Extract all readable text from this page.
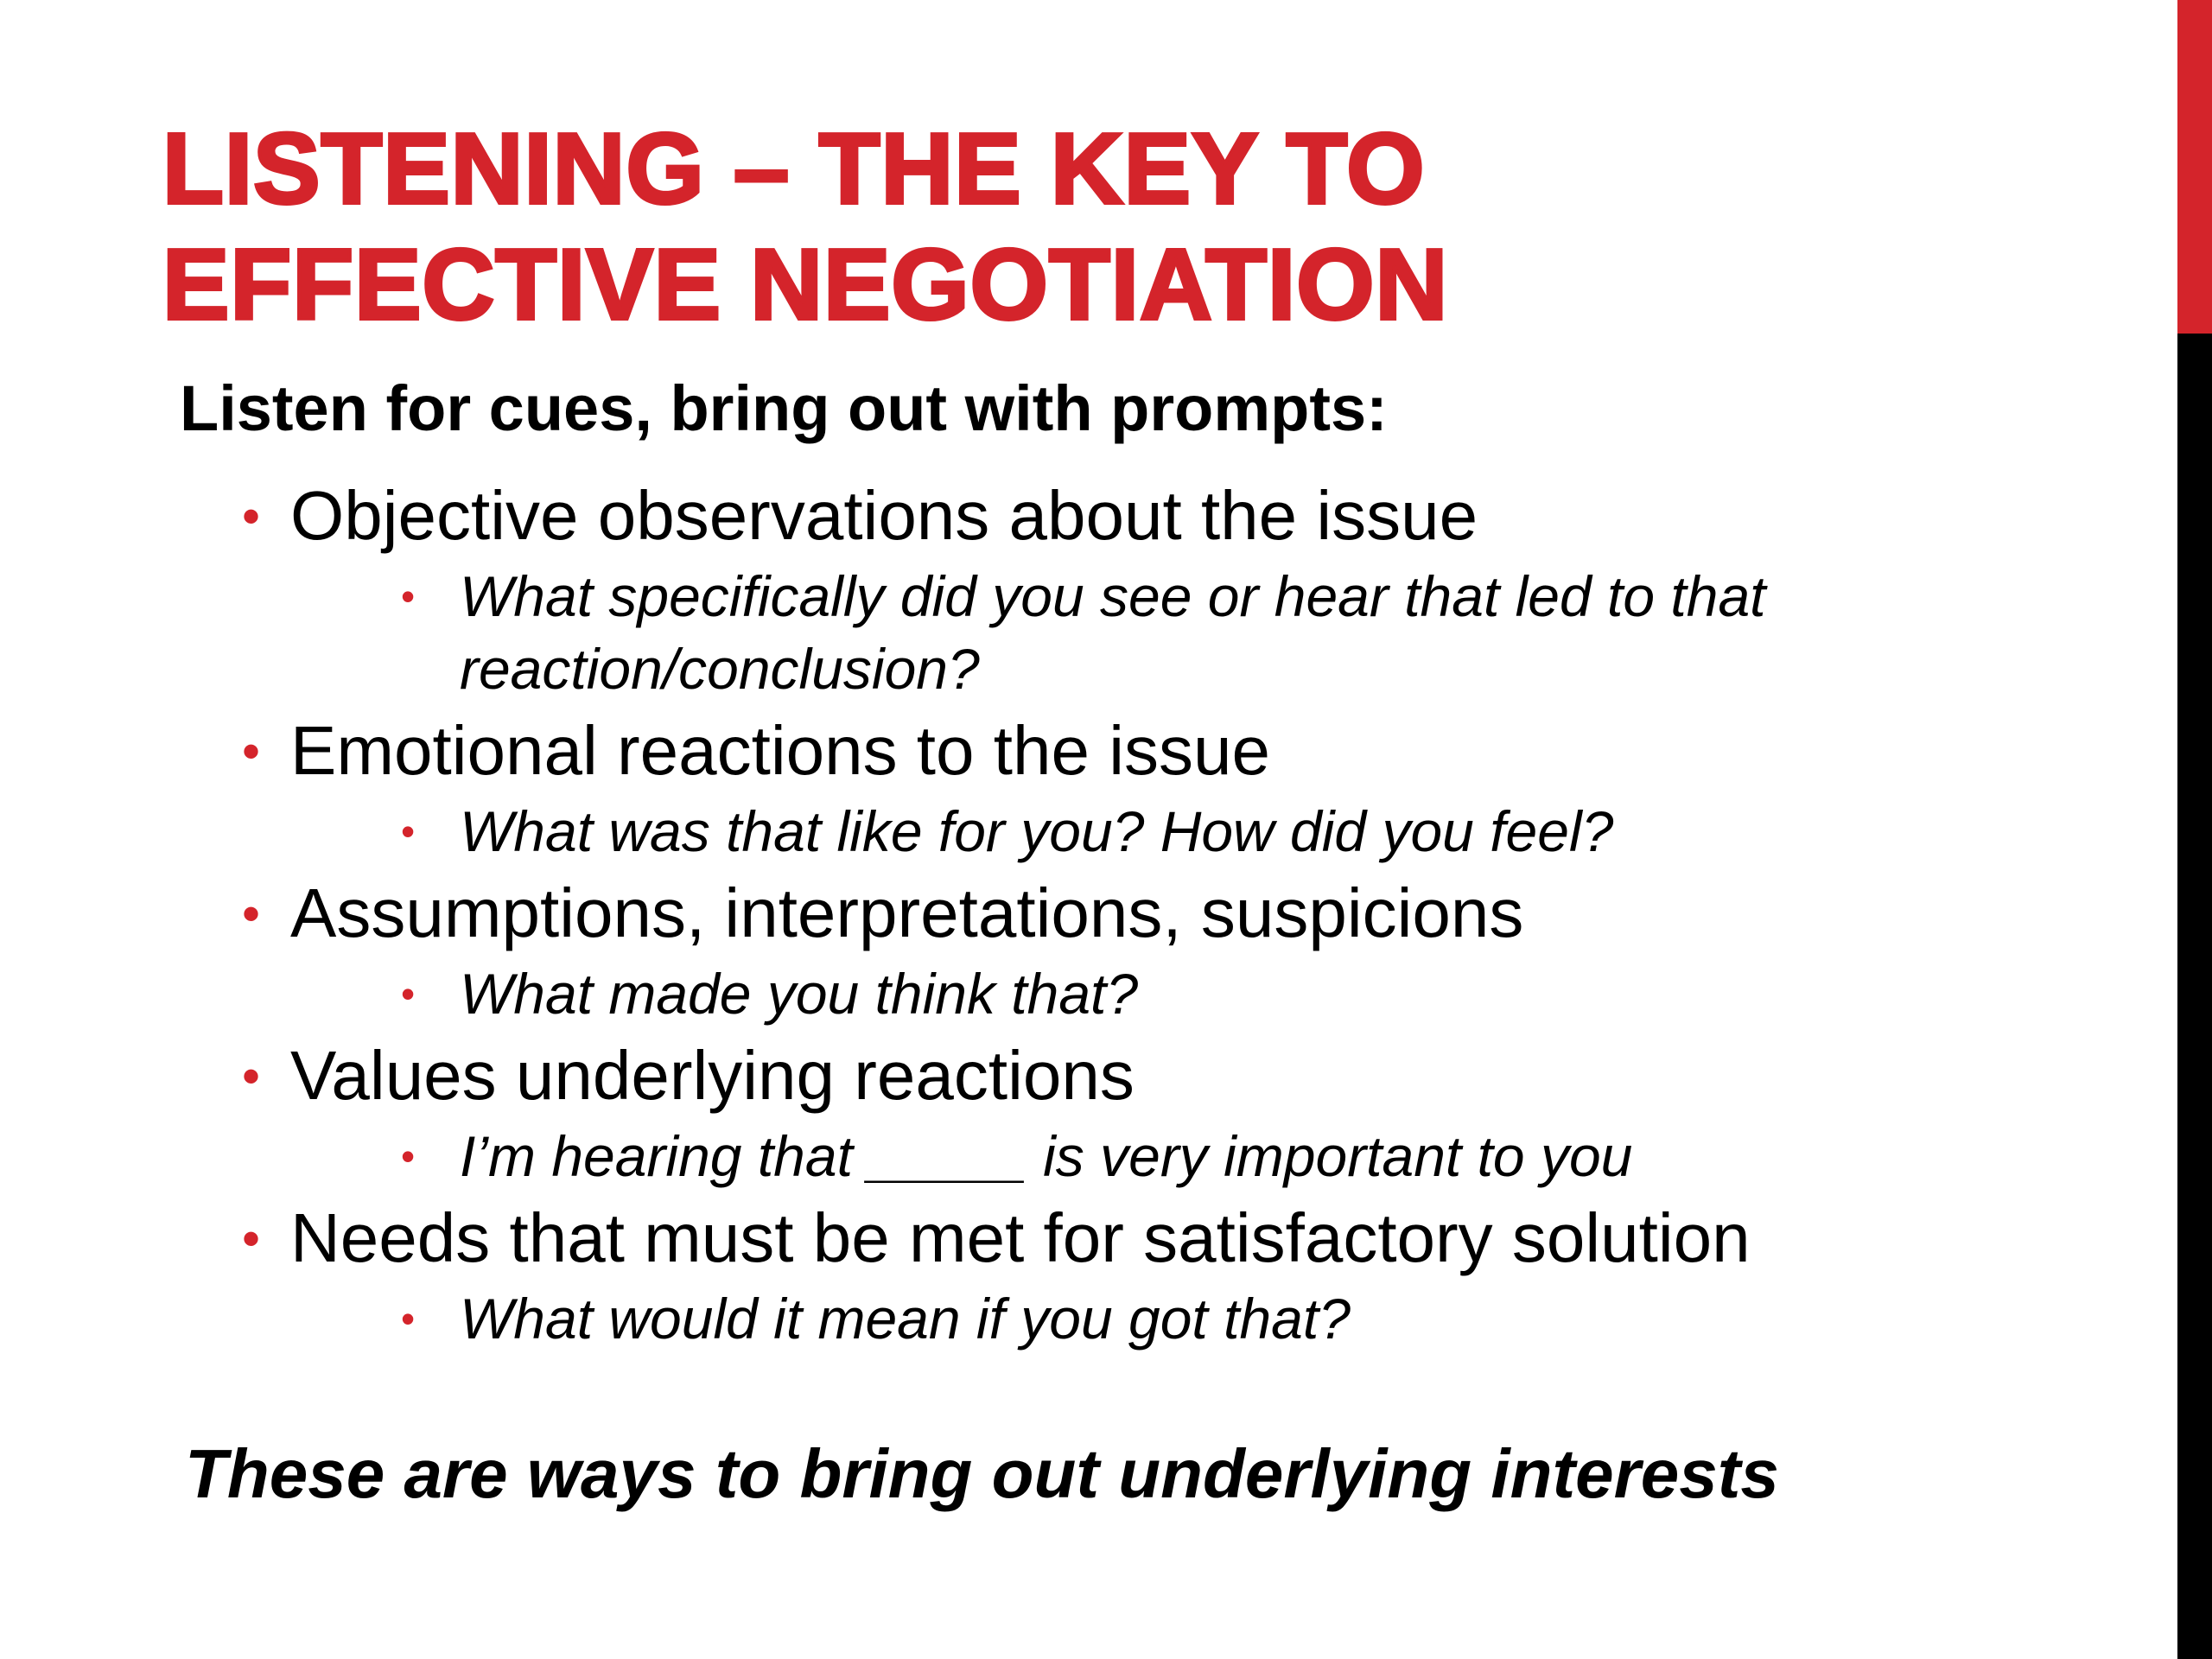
LISTENING – THE KEY TO
EFFECTIVE NEGOTIATION
Listen for cues, bring out with prompts:
• Objective observations about the issue
• What specifically did you see or hear that led to that reaction/conclusion?
• Emotional reactions to the issue
• What was that like for you? How did you feel?
• Assumptions, interpretations, suspicions
• What made you think that?
• Values underlying reactions
• I’m hearing that _____ is very important to you
• Needs that must be met for satisfactory solution
• What would it mean if you got that?
These are ways to bring out underlying interests
